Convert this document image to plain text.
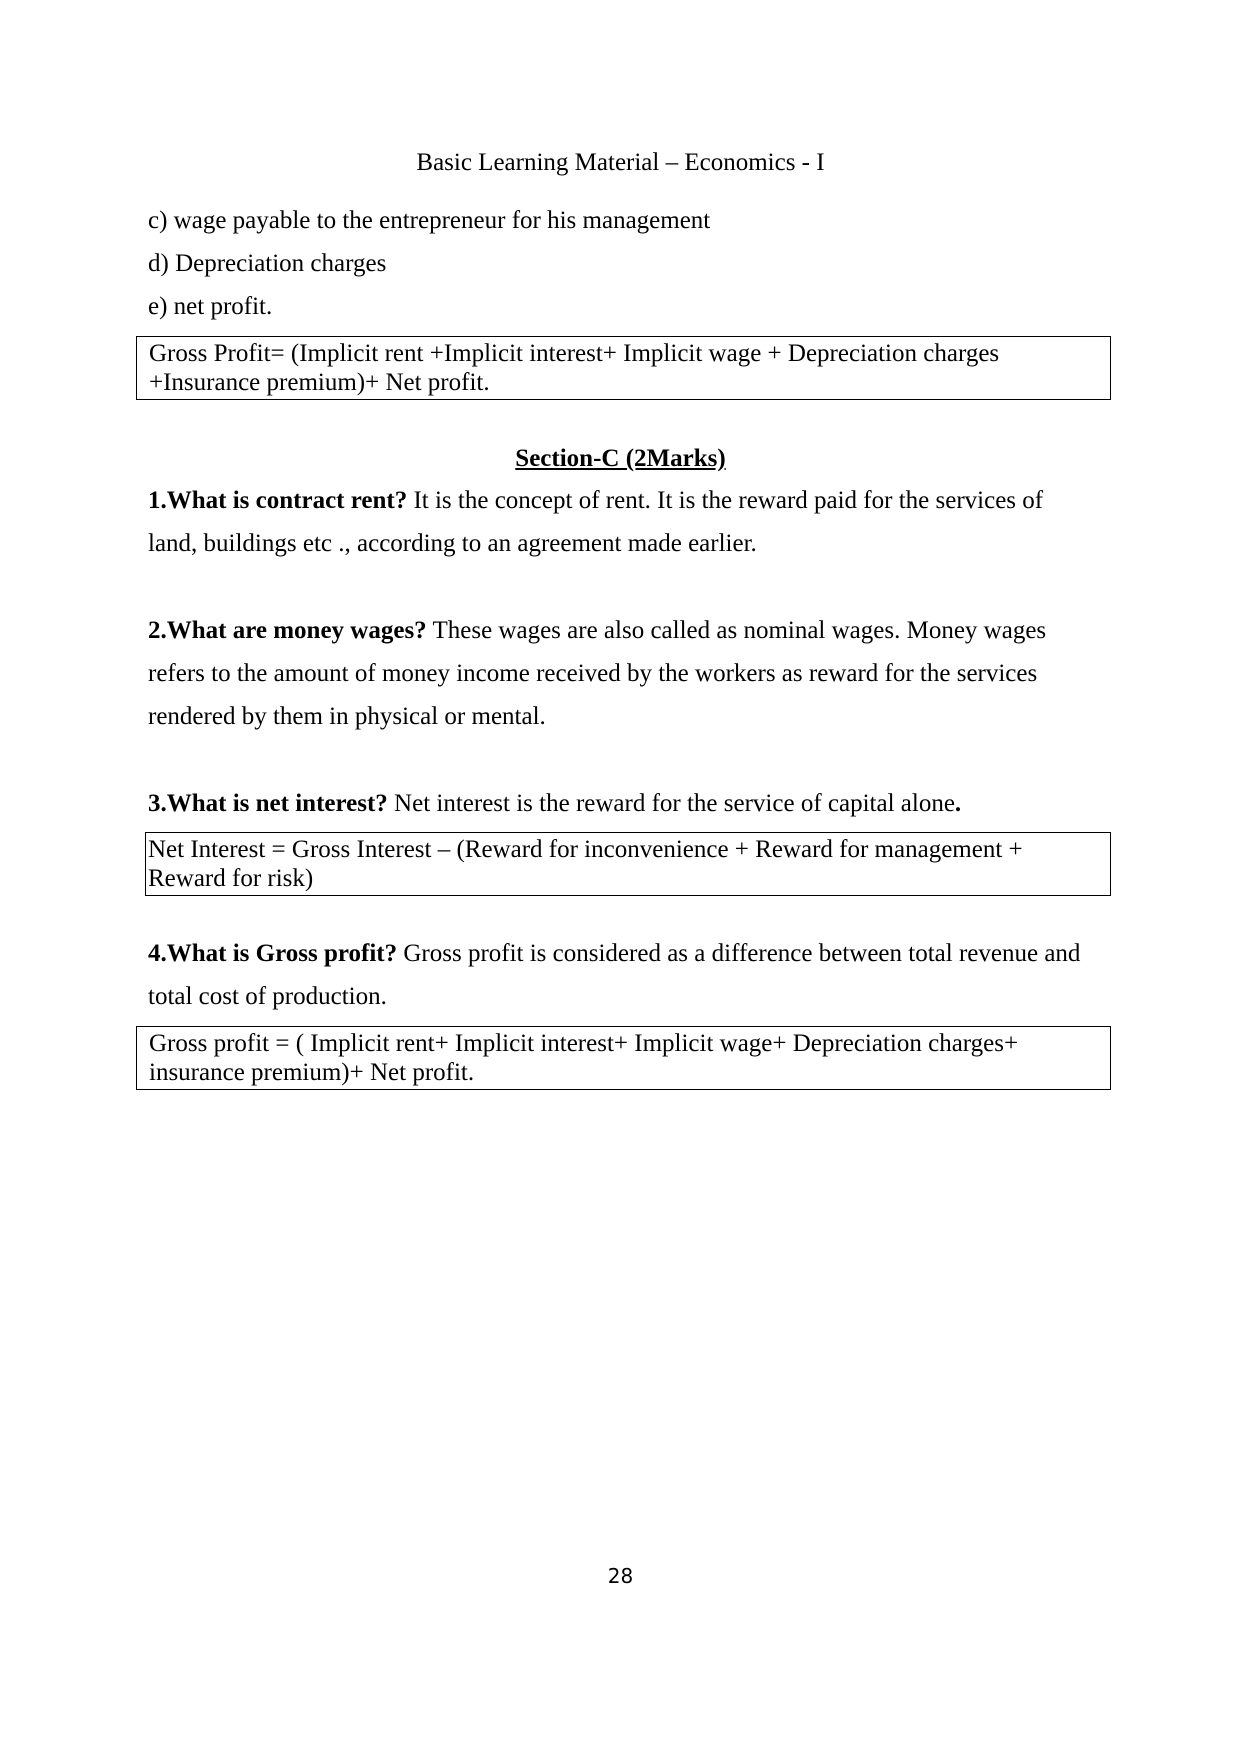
Basic Learning Material – Economics - I
c) wage payable to the entrepreneur for his management
d) Depreciation charges
e) net profit.
Gross Profit= (Implicit rent +Implicit interest+ Implicit wage + Depreciation charges
+Insurance premium)+ Net profit.
Section-C (2Marks)
1.What is contract rent? It is the concept of rent. It is the reward paid for the services of
land, buildings etc ., according to an agreement made earlier.
2.What are money wages? These wages are also called as nominal wages. Money wages
refers to the amount of money income received by the workers as reward for the services
rendered by them in physical or mental.
3.What is net interest? Net interest is the reward for the service of capital alone.
Net Interest = Gross Interest – (Reward for inconvenience + Reward for management +
Reward for risk)
4.What is Gross profit? Gross profit is considered as a difference between total revenue and
total cost of production.
Gross profit = ( Implicit rent+ Implicit interest+ Implicit wage+ Depreciation charges+
insurance premium)+ Net profit.
28
